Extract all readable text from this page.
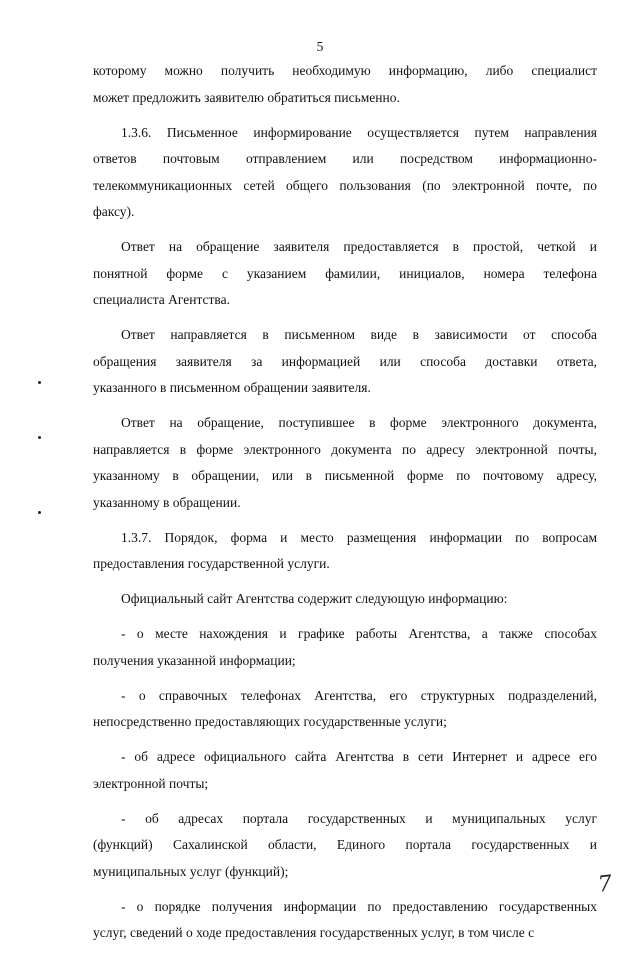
5
которому можно получить необходимую информацию, либо специалист
может предложить заявителю обратиться письменно.
1.3.6. Письменное информирование осуществляется путем направления
ответов почтовым отправлением или посредством информационно-
телекоммуникационных сетей общего пользования (по электронной почте, по
факсу).
Ответ на обращение заявителя предоставляется в простой, четкой и
понятной форме с указанием фамилии, инициалов, номера телефона
специалиста Агентства.
Ответ направляется в письменном виде в зависимости от способа
обращения заявителя за информацией или способа доставки ответа,
указанного в письменном обращении заявителя.
Ответ на обращение, поступившее в форме электронного документа,
направляется в форме электронного документа по адресу электронной почты,
указанному в обращении, или в письменной форме по почтовому адресу,
указанному в обращении.
1.3.7. Порядок, форма и место размещения информации по вопросам
предоставления государственной услуги.
Официальный сайт Агентства содержит следующую информацию:
- о месте нахождения и графике работы Агентства, а также способах
получения указанной информации;
- о справочных телефонах Агентства, его структурных подразделений,
непосредственно предоставляющих государственные услуги;
- об адресе официального сайта Агентства в сети Интернет и адресе его
электронной почты;
- об адресах портала государственных и муниципальных услуг
(функций) Сахалинской области, Единого портала государственных и
муниципальных услуг (функций);
- о порядке получения информации по предоставлению государственных
услуг, сведений о ходе предоставления государственных услуг, в том числе с
7
